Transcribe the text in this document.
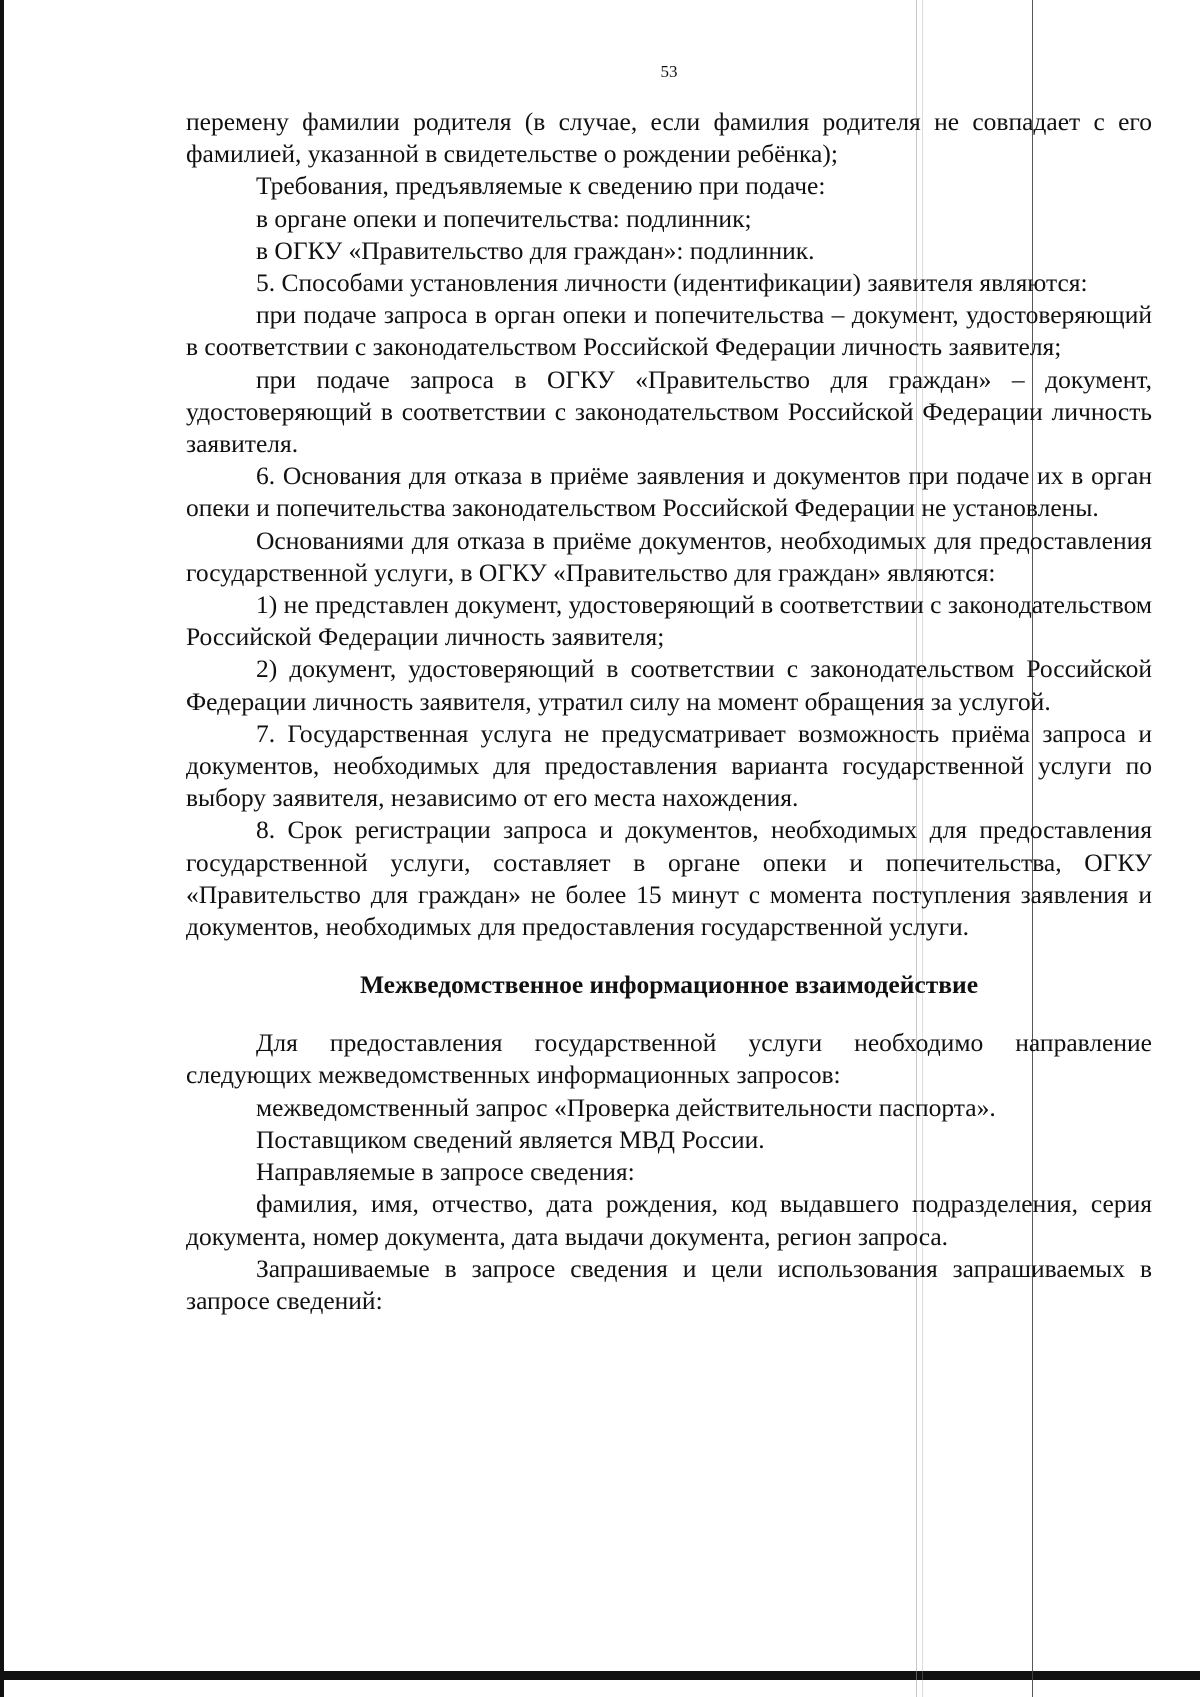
53

перемену фамилии родителя (в случае, если фамилия родителя не совпадает с его фамилией, указанной в свидетельстве о рождении ребёнка);

Требования, предъявляемые к сведению при подаче:

в органе опеки и попечительства: подлинник;

в ОГКУ «Правительство для граждан»: подлинник.

5. Способами установления личности (идентификации) заявителя являются:

при подаче запроса в орган опеки и попечительства – документ, удостоверяющий в соответствии с законодательством Российской Федерации личность заявителя;

при подаче запроса в ОГКУ «Правительство для граждан» – документ, удостоверяющий в соответствии с законодательством Российской Федерации личность заявителя.

6. Основания для отказа в приёме заявления и документов при подаче их в орган опеки и попечительства законодательством Российской Федерации не установлены.

Основаниями для отказа в приёме документов, необходимых для предоставления государственной услуги, в ОГКУ «Правительство для граждан» являются:

1) не представлен документ, удостоверяющий в соответствии с законодательством Российской Федерации личность заявителя;

2) документ, удостоверяющий в соответствии с законодательством Российской Федерации личность заявителя, утратил силу на момент обращения за услугой.

7. Государственная услуга не предусматривает возможность приёма запроса и документов, необходимых для предоставления варианта государственной услуги по выбору заявителя, независимо от его места нахождения.

8. Срок регистрации запроса и документов, необходимых для предоставления государственной услуги, составляет в органе опеки и попечительства, ОГКУ «Правительство для граждан» не более 15 минут с момента поступления заявления и документов, необходимых для предоставления государственной услуги.

Межведомственное информационное взаимодействие

Для предоставления государственной услуги необходимо направление следующих межведомственных информационных запросов:

межведомственный запрос «Проверка действительности паспорта».

Поставщиком сведений является МВД России.

Направляемые в запросе сведения:

фамилия, имя, отчество, дата рождения, код выдавшего подразделения, серия документа, номер документа, дата выдачи документа, регион запроса.

Запрашиваемые в запросе сведения и цели использования запрашиваемых в запросе сведений:
